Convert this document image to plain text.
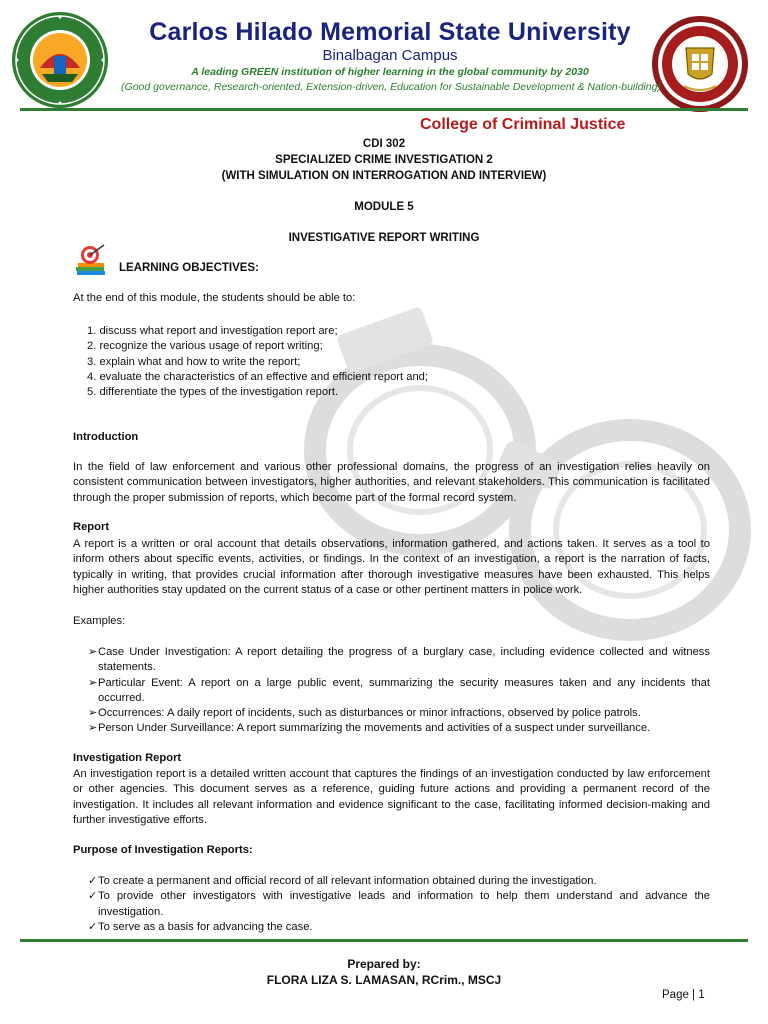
Carlos Hilado Memorial State University
Binalbagan Campus
A leading GREEN institution of higher learning in the global community by 2030
(Good governance, Research-oriented, Extension-driven, Education for Sustainable Development & Nation-building)
College of Criminal Justice
CDI 302
SPECIALIZED CRIME INVESTIGATION 2
(WITH SIMULATION ON INTERROGATION AND INTERVIEW)
MODULE 5
INVESTIGATIVE REPORT WRITING
LEARNING OBJECTIVES:
At the end of this module, the students should be able to:
1. discuss what report and investigation report are;
2. recognize the various usage of report writing;
3. explain what and how to write the report;
4. evaluate the characteristics of an effective and efficient report and;
5. differentiate the types of the investigation report.
Introduction
In the field of law enforcement and various other professional domains, the progress of an investigation relies heavily on consistent communication between investigators, higher authorities, and relevant stakeholders. This communication is facilitated through the proper submission of reports, which become part of the formal record system.
Report
A report is a written or oral account that details observations, information gathered, and actions taken. It serves as a tool to inform others about specific events, activities, or findings. In the context of an investigation, a report is the narration of facts, typically in writing, that provides crucial information after thorough investigative measures have been exhausted. This helps higher authorities stay updated on the current status of a case or other pertinent matters in police work.
Examples:
➢ Case Under Investigation: A report detailing the progress of a burglary case, including evidence collected and witness statements.
➢ Particular Event: A report on a large public event, summarizing the security measures taken and any incidents that occurred.
➢ Occurrences: A daily report of incidents, such as disturbances or minor infractions, observed by police patrols.
➢ Person Under Surveillance: A report summarizing the movements and activities of a suspect under surveillance.
Investigation Report
An investigation report is a detailed written account that captures the findings of an investigation conducted by law enforcement or other agencies. This document serves as a reference, guiding future actions and providing a permanent record of the investigation. It includes all relevant information and evidence significant to the case, facilitating informed decision-making and further investigative efforts.
Purpose of Investigation Reports:
✓ To create a permanent and official record of all relevant information obtained during the investigation.
✓ To provide other investigators with investigative leads and information to help them understand and advance the investigation.
✓ To serve as a basis for advancing the case.
Prepared by:
FLORA LIZA S. LAMASAN, RCrim., MSCJ
Page | 1
